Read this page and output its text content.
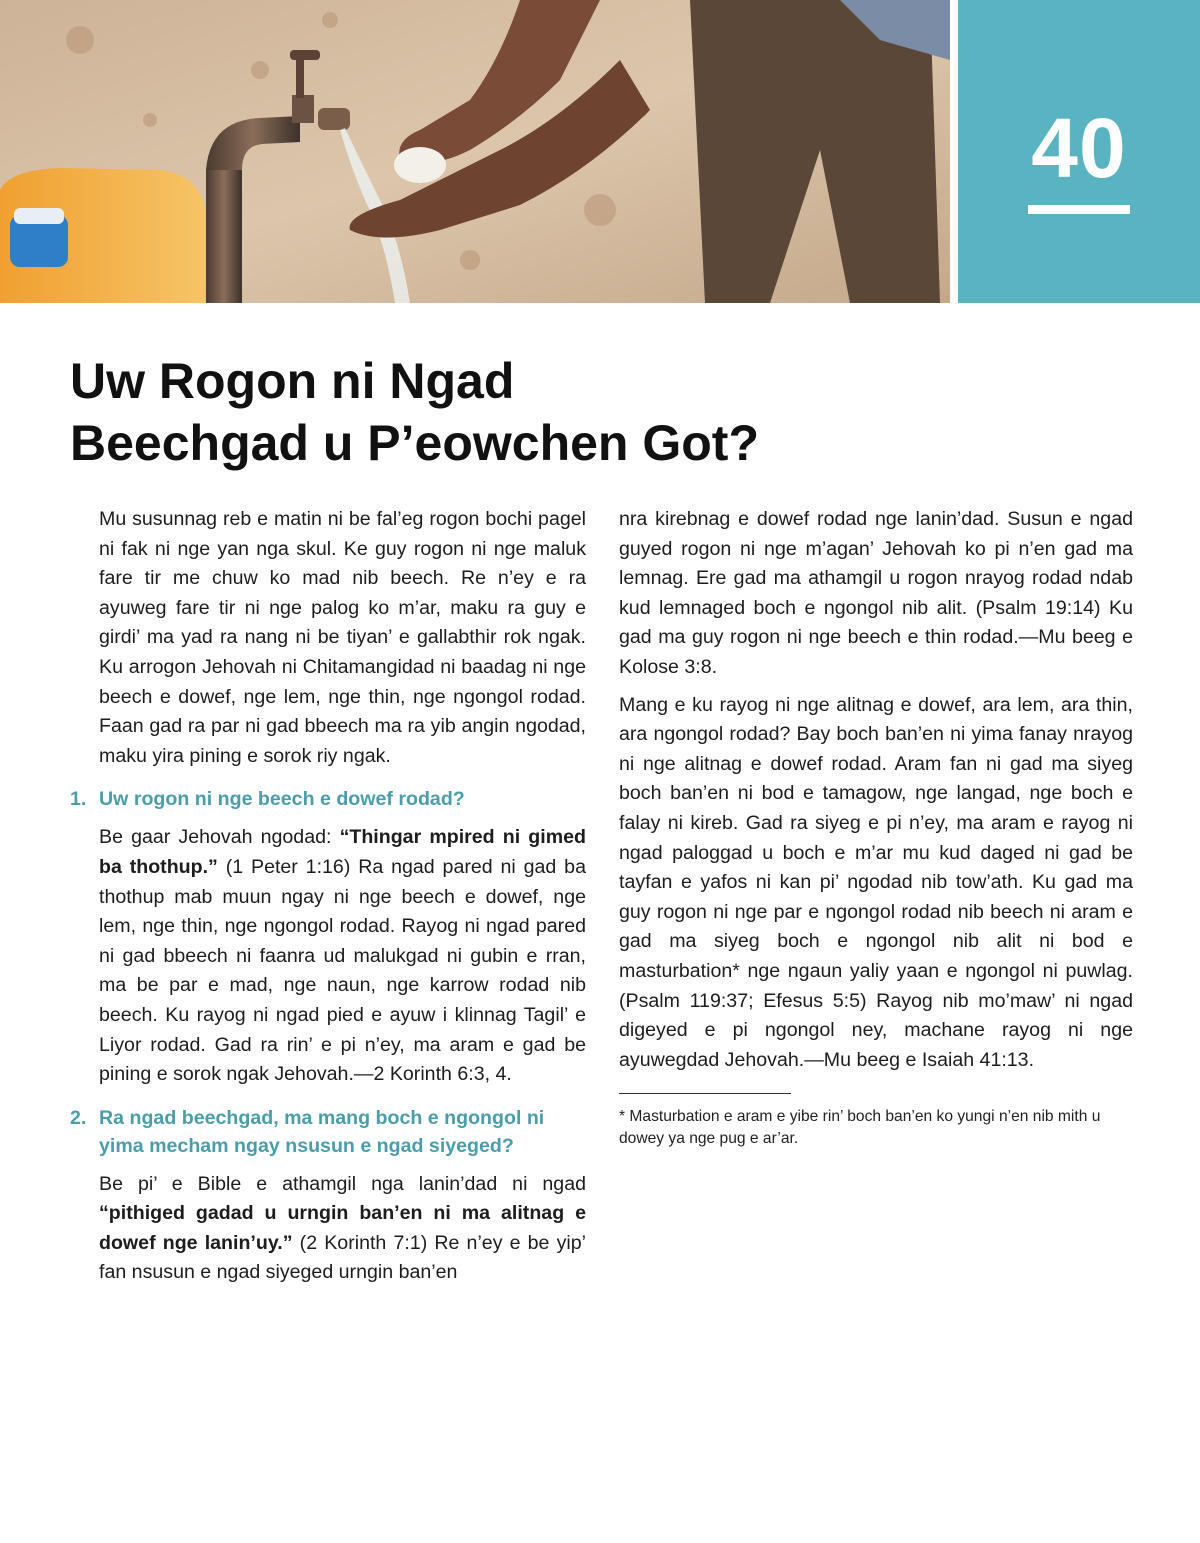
40
Uw Rogon ni Ngad
Beechgad u P’eowchen Got?

Mu susunnag reb e matin ni be fal’eg rogon bochi pagel ni fak ni nge yan nga skul. Ke guy rogon ni nge maluk fare tir me chuw ko mad nib beech. Re n’ey e ra ayuweg fare tir ni nge palog ko m’ar, maku ra guy e girdi’ ma yad ra nang ni be tiyan’ e gallabthir rok ngak. Ku arrogon Jehovah ni Chitamangidad ni baadag ni nge beech e dowef, nge lem, nge thin, nge ngongol rodad. Faan gad ra par ni gad bbeech ma ra yib angin ngodad, maku yira pining e sorok riy ngak.

1. Uw rogon ni nge beech e dowef rodad?

Be gaar Jehovah ngodad: “Thingar mpired ni gimed ba thothup.” (1 Peter 1:16) Ra ngad pared ni gad ba thothup mab muun ngay ni nge beech e dowef, nge lem, nge thin, nge ngongol rodad. Rayog ni ngad pared ni gad bbeech ni faanra ud malukgad ni gubin e rran, ma be par e mad, nge naun, nge karrow rodad nib beech. Ku rayog ni ngad pied e ayuw i klinnag Tagil’ e Liyor rodad. Gad ra rin’ e pi n’ey, ma aram e gad be pining e sorok ngak Jehovah.—2 Korinth 6:3, 4.

2. Ra ngad beechgad, ma mang boch e ngongol ni yima mecham ngay nsusun e ngad siyeged?

Be pi’ e Bible e athamgil nga lanin’dad ni ngad “pithiged gadad u urngin ban’en ni ma alitnag e dowef nge lanin’uy.” (2 Korinth 7:1) Re n’ey e be yip’ fan nsusun e ngad siyeged urngin ban’en

nra kirebnag e dowef rodad nge lanin’dad. Susun e ngad guyed rogon ni nge m’agan’ Jehovah ko pi n’en gad ma lemnag. Ere gad ma athamgil u rogon nrayog rodad ndab kud lemnaged boch e ngongol nib alit. (Psalm 19:14) Ku gad ma guy rogon ni nge beech e thin rodad.—Mu beeg e Kolose 3:8.

Mang e ku rayog ni nge alitnag e dowef, ara lem, ara thin, ara ngongol rodad? Bay boch ban’en ni yima fanay nrayog ni nge alitnag e dowef rodad. Aram fan ni gad ma siyeg boch ban’en ni bod e tamagow, nge langad, nge boch e falay ni kireb. Gad ra siyeg e pi n’ey, ma aram e rayog ni ngad paloggad u boch e m’ar mu kud daged ni gad be tayfan e yafos ni kan pi’ ngodad nib tow’ath. Ku gad ma guy rogon ni nge par e ngongol rodad nib beech ni aram e gad ma siyeg boch e ngongol nib alit ni bod e masturbation* nge ngaun yaliy yaan e ngongol ni puwlag. (Psalm 119:37; Efesus 5:5) Rayog nib mo’maw’ ni ngad digeyed e pi ngongol ney, machane rayog ni nge ayuwegdad Jehovah.—Mu beeg e Isaiah 41:13.

* Masturbation e aram e yibe rin’ boch ban’en ko yungi n’en nib mith u dowey ya nge pug e ar’ar.
